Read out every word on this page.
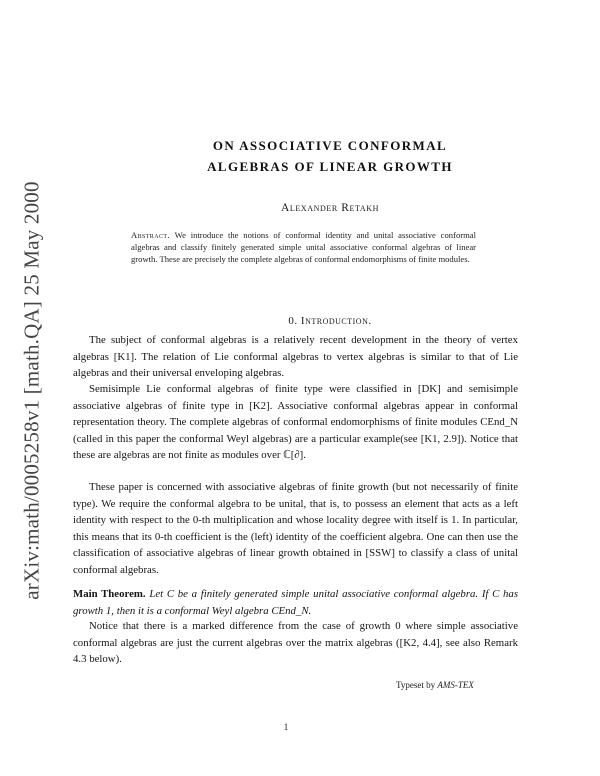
arXiv:math/0005258v1 [math.QA] 25 May 2000
ON ASSOCIATIVE CONFORMAL
ALGEBRAS OF LINEAR GROWTH
Alexander Retakh
Abstract. We introduce the notions of conformal identity and unital associative conformal algebras and classify finitely generated simple unital associative conformal algebras of linear growth. These are precisely the complete algebras of conformal endomorphisms of finite modules.
0. Introduction.

The subject of conformal algebras is a relatively recent development in the theory of vertex algebras [K1]. The relation of Lie conformal algebras to vertex algebras is similar to that of Lie algebras and their universal enveloping algebras.

Semisimple Lie conformal algebras of finite type were classified in [DK] and semisimple associative algebras of finite type in [K2]. Associative conformal algebras appear in conformal representation theory. The complete algebras of conformal endomorphisms of finite modules CEnd_N (called in this paper the conformal Weyl algebras) are a particular example(see [K1, 2.9]). Notice that these are algebras are not finite as modules over ℂ[∂].

These paper is concerned with associative algebras of finite growth (but not necessarily of finite type). We require the conformal algebra to be unital, that is, to possess an element that acts as a left identity with respect to the 0-th multiplication and whose locality degree with itself is 1. In particular, this means that its 0-th coefficient is the (left) identity of the coefficient algebra. One can then use the classification of associative algebras of linear growth obtained in [SSW] to classify a class of unital conformal algebras.

Main Theorem. Let C be a finitely generated simple unital associative conformal algebra. If C has growth 1, then it is a conformal Weyl algebra CEnd_N.

Notice that there is a marked difference from the case of growth 0 where simple associative conformal algebras are just the current algebras over the matrix algebras ([K2, 4.4], see also Remark 4.3 below).

Typeset by AMS-TEX
1
